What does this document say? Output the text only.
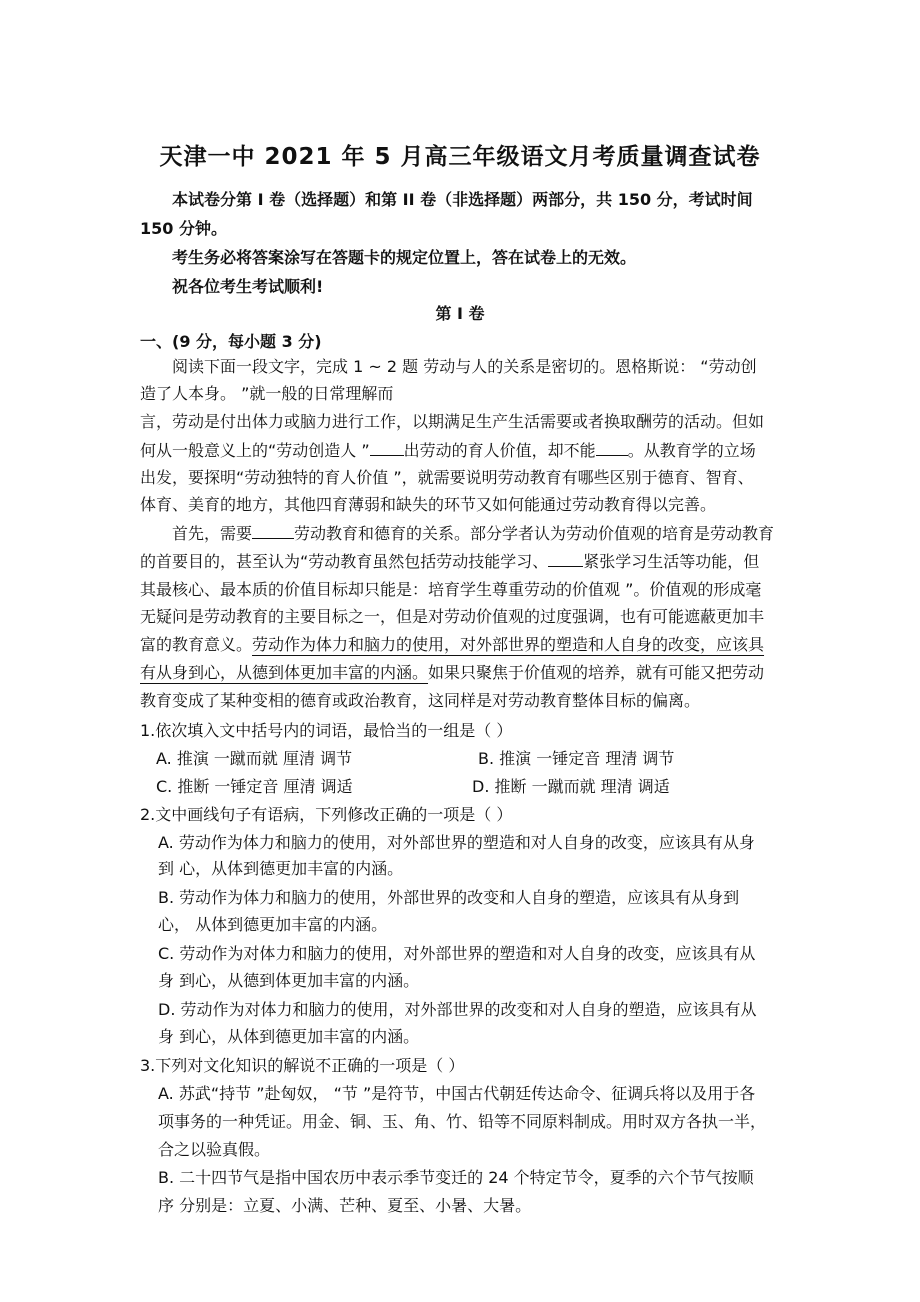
天津一中 2021 年 5 月高三年级语文月考质量调查试卷
本试卷分第 I 卷（选择题）和第 II 卷（非选择题）两部分，共 150 分，考试时间
150 分钟。
考生务必将答案涂写在答题卡的规定位置上，答在试卷上的无效。
祝各位考生考试顺利!
第 I 卷
一、(9 分，每小题 3 分)
阅读下面一段文字，完成 1 ~ 2 题 劳动与人的关系是密切的。恩格斯说： “劳动创
造了人本身。 ”就一般的日常理解而
言，劳动是付出体力或脑力进行工作，以期满足生产生活需要或者换取酬劳的活动。但如
何从一般意义上的“劳动创造人 ” 出劳动的育人价值，却不能 。从教育学的立场
出发，要探明“劳动独特的育人价值 ”，就需要说明劳动教育有哪些区别于德育、智育、
体育、美育的地方，其他四育薄弱和缺失的环节又如何能通过劳动教育得以完善。
首先，需要	劳动教育和德育的关系。部分学者认为劳动价值观的培育是劳动教育
的首要目的，甚至认为“劳动教育虽然包括劳动技能学习、 紧张学习生活等功能，但
其最核心、最本质的价值目标却只能是：培育学生尊重劳动的价值观 ”。价值观的形成毫
无疑问是劳动教育的主要目标之一，但是对劳动价值观的过度强调，也有可能遮蔽更加丰
富的教育意义。劳动作为体力和脑力的使用，对外部世界的塑造和人自身的改变，应该具
有从身到心，从德到体更加丰富的内涵。如果只聚焦于价值观的培养，就有可能又把劳动
教育变成了某种变相的德育或政治教育，这同样是对劳动教育整体目标的偏离。
1.依次填入文中括号内的词语，最恰当的一组是（ ）
A. 推演 一蹴而就 厘清 调节	B. 推演 一锤定音 理清 调节
C. 推断 一锤定音 厘清 调适	D. 推断 一蹴而就 理清 调适
2.文中画线句子有语病，下列修改正确的一项是（ ）
A. 劳动作为体力和脑力的使用，对外部世界的塑造和对人自身的改变，应该具有从身
到 心，从体到德更加丰富的内涵。
B. 劳动作为体力和脑力的使用，外部世界的改变和人自身的塑造，应该具有从身到
心， 从体到德更加丰富的内涵。
C. 劳动作为对体力和脑力的使用，对外部世界的塑造和对人自身的改变，应该具有从
身 到心，从德到体更加丰富的内涵。
D. 劳动作为对体力和脑力的使用，对外部世界的改变和对人自身的塑造，应该具有从
身 到心，从体到德更加丰富的内涵。
3.下列对文化知识的解说不正确的一项是（ ）
A. 苏武“持节 ”赴匈奴， “节 ”是符节，中国古代朝廷传达命令、征调兵将以及用于各
项事务的一种凭证。用金、铜、玉、角、竹、铅等不同原料制成。用时双方各执一半，
合之以验真假。
B. 二十四节气是指中国农历中表示季节变迁的 24 个特定节令，夏季的六个节气按顺
序 分别是：立夏、小满、芒种、夏至、小暑、大暑。
